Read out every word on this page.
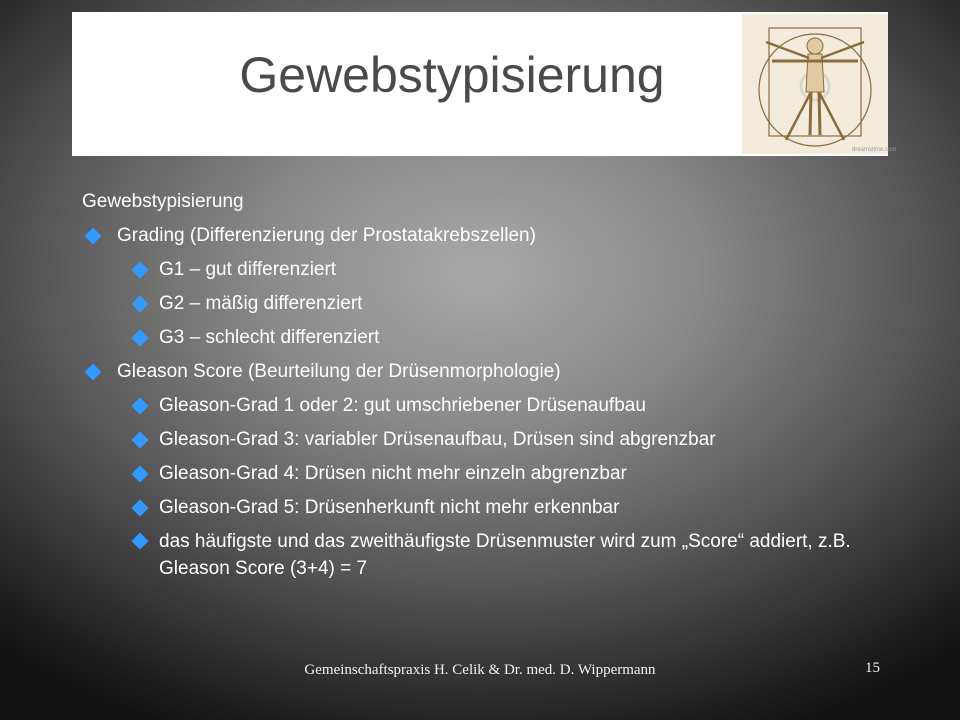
Gewebstypisierung
dreamstime.com
Gewebstypisierung
Grading (Differenzierung der Prostatakrebszellen)
G1 – gut differenziert
G2 – mäßig differenziert
G3 – schlecht differenziert
Gleason Score (Beurteilung der Drüsenmorphologie)
Gleason-Grad 1 oder 2: gut umschriebener Drüsenaufbau
Gleason-Grad 3: variabler Drüsenaufbau, Drüsen sind abgrenzbar
Gleason-Grad 4: Drüsen nicht mehr einzeln abgrenzbar
Gleason-Grad 5: Drüsenherkunft nicht mehr erkennbar
das häufigste und das zweithäufigste Drüsenmuster wird zum „Score“ addiert, z.B. Gleason Score (3+4) = 7
Gemeinschaftspraxis H. Celik & Dr. med. D. Wippermann	15
